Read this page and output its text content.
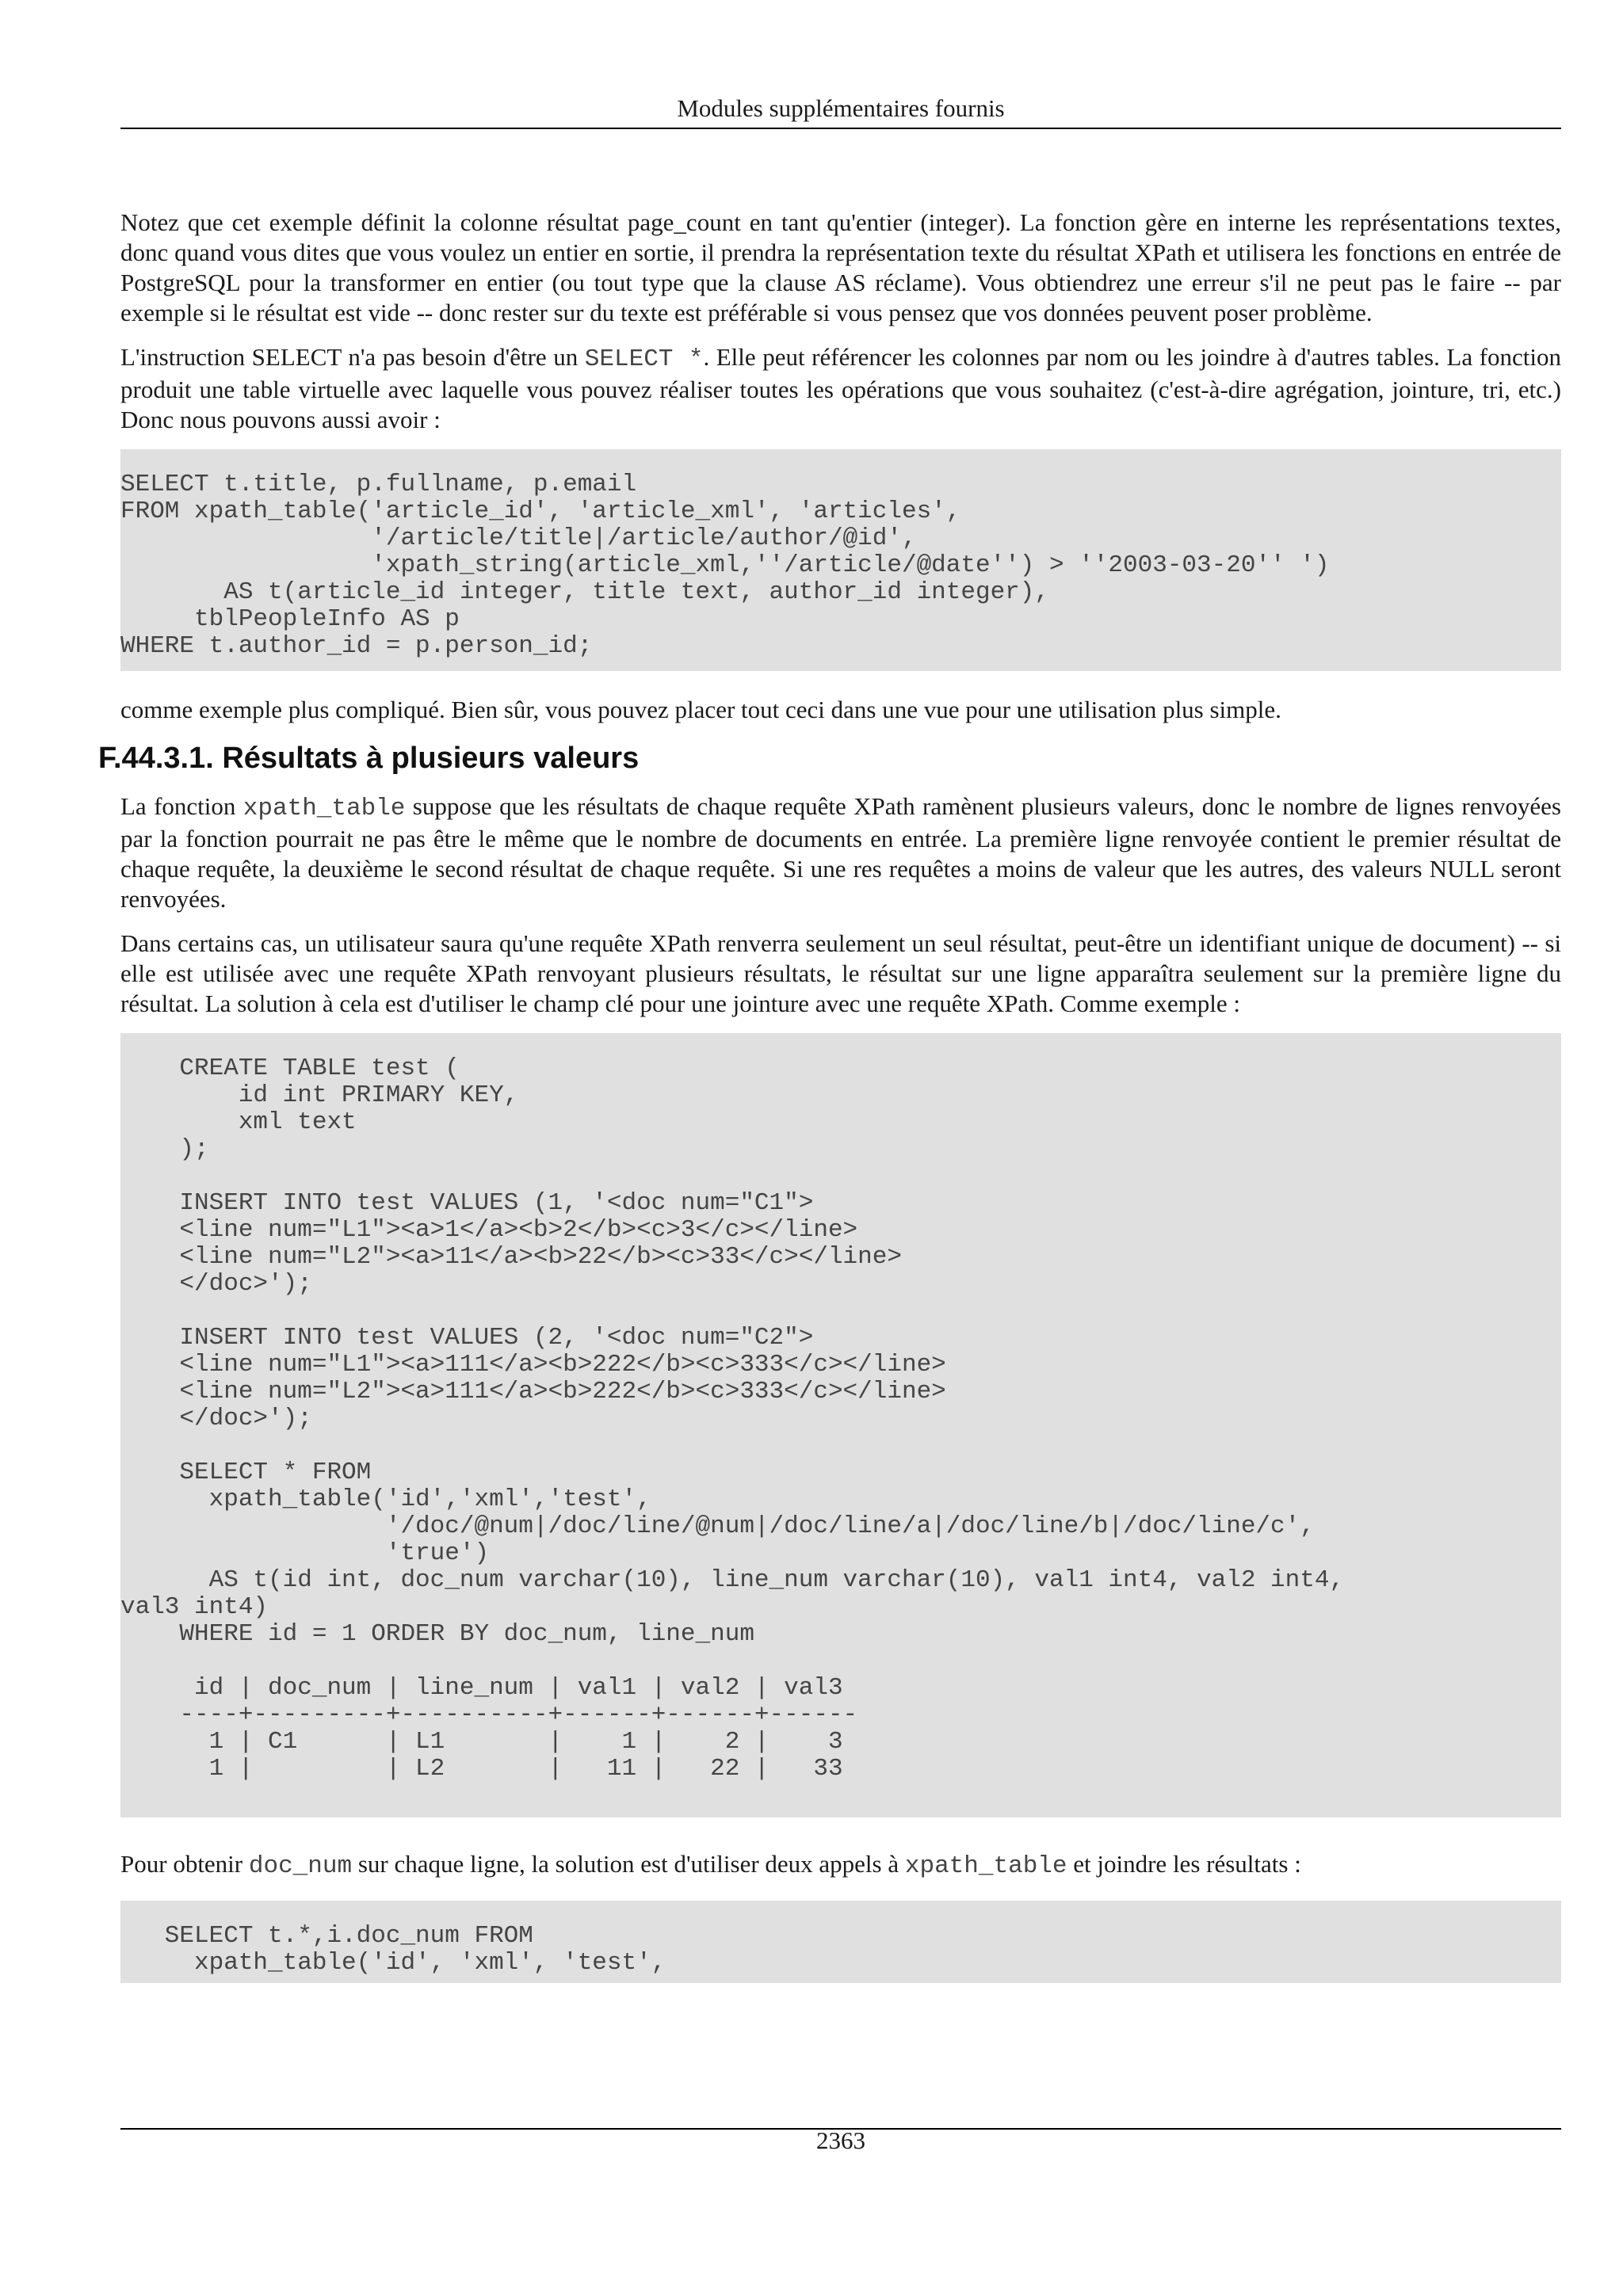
Modules supplémentaires fournis

Notez que cet exemple définit la colonne résultat page_count en tant qu'entier (integer). La fonction gère en interne les représentations textes, donc quand vous dites que vous voulez un entier en sortie, il prendra la représentation texte du résultat XPath et utilisera les fonctions en entrée de PostgreSQL pour la transformer en entier (ou tout type que la clause AS réclame). Vous obtiendrez une erreur s'il ne peut pas le faire -- par exemple si le résultat est vide -- donc rester sur du texte est préférable si vous pensez que vos données peuvent poser problème.

L'instruction SELECT n'a pas besoin d'être un SELECT *. Elle peut référencer les colonnes par nom ou les joindre à d'autres tables. La fonction produit une table virtuelle avec laquelle vous pouvez réaliser toutes les opérations que vous souhaitez (c'est-à-dire agrégation, jointure, tri, etc.) Donc nous pouvons aussi avoir :

SELECT t.title, p.fullname, p.email
FROM xpath_table('article_id', 'article_xml', 'articles',
'/article/title|/article/author/@id',
'xpath_string(article_xml,''/article/@date'') > ''2003-03-20'' ')
AS t(article_id integer, title text, author_id integer),
tblPeopleInfo AS p
WHERE t.author_id = p.person_id;

comme exemple plus compliqué. Bien sûr, vous pouvez placer tout ceci dans une vue pour une utilisation plus simple.

F.44.3.1. Résultats à plusieurs valeurs

La fonction xpath_table suppose que les résultats de chaque requête XPath ramènent plusieurs valeurs, donc le nombre de lignes renvoyées par la fonction pourrait ne pas être le même que le nombre de documents en entrée. La première ligne renvoyée contient le premier résultat de chaque requête, la deuxième le second résultat de chaque requête. Si une res requêtes a moins de valeur que les autres, des valeurs NULL seront renvoyées.

Dans certains cas, un utilisateur saura qu'une requête XPath renverra seulement un seul résultat, peut-être un identifiant unique de document) -- si elle est utilisée avec une requête XPath renvoyant plusieurs résultats, le résultat sur une ligne apparaîtra seulement sur la première ligne du résultat. La solution à cela est d'utiliser le champ clé pour une jointure avec une requête XPath. Comme exemple :

CREATE TABLE test (
id int PRIMARY KEY,
xml text
);

INSERT INTO test VALUES (1, '<doc num="C1">
<line num="L1"><a>1</a><b>2</b><c>3</c></line>
<line num="L2"><a>11</a><b>22</b><c>33</c></line>
</doc>');

INSERT INTO test VALUES (2, '<doc num="C2">
<line num="L1"><a>111</a><b>222</b><c>333</c></line>
<line num="L2"><a>111</a><b>222</b><c>333</c></line>
</doc>');

SELECT * FROM
xpath_table('id','xml','test',
'/doc/@num|/doc/line/@num|/doc/line/a|/doc/line/b|/doc/line/c',
'true')
AS t(id int, doc_num varchar(10), line_num varchar(10), val1 int4, val2 int4,
val3 int4)
WHERE id = 1 ORDER BY doc_num, line_num

id | doc_num | line_num | val1 | val2 | val3
----+---------+----------+------+------+------
1 | C1      | L1       |    1 |    2 |    3
1 |         | L2       |   11 |   22 |   33

Pour obtenir doc_num sur chaque ligne, la solution est d'utiliser deux appels à xpath_table et joindre les résultats :

SELECT t.*,i.doc_num FROM
xpath_table('id', 'xml', 'test',
2363
